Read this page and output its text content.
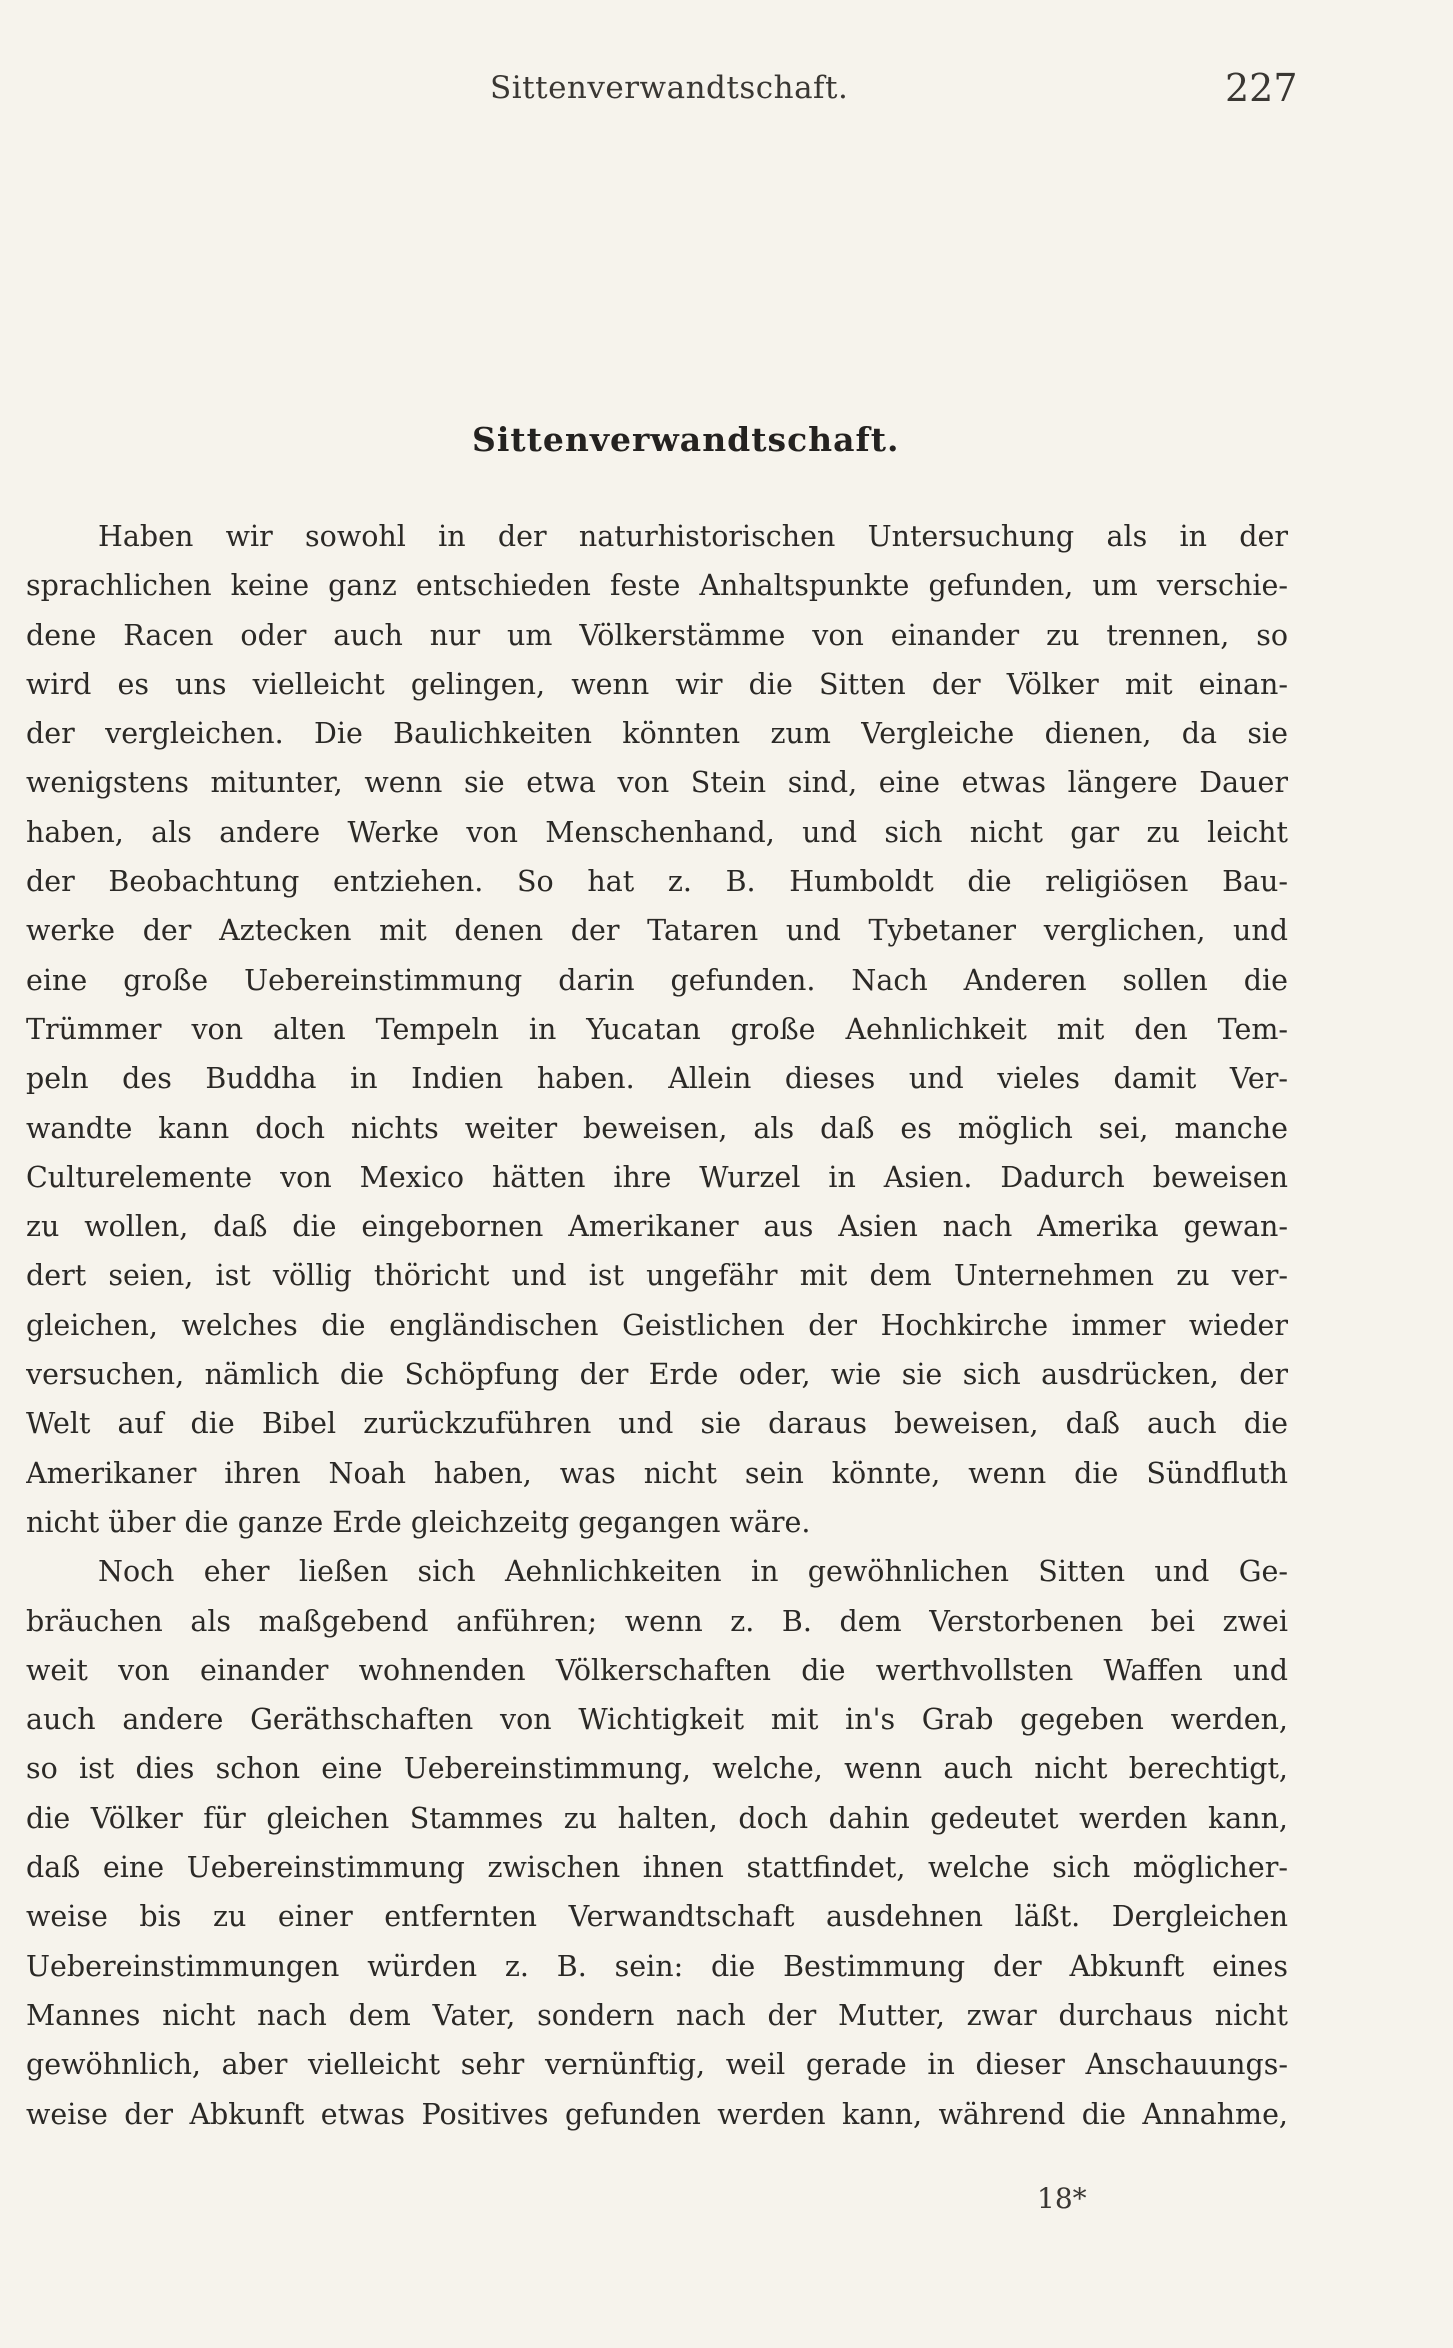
Sittenverwandtschaft.	227
Sittenverwandtschaft.
Haben wir sowohl in der naturhistorischen Untersuchung als in der
sprachlichen keine ganz entschieden feste Anhaltspunkte gefunden, um verschie-
dene Racen oder auch nur um Völkerstämme von einander zu trennen, so
wird es uns vielleicht gelingen, wenn wir die Sitten der Völker mit einan-
der vergleichen. Die Baulichkeiten könnten zum Vergleiche dienen, da sie
wenigstens mitunter, wenn sie etwa von Stein sind, eine etwas längere Dauer
haben, als andere Werke von Menschenhand, und sich nicht gar zu leicht
der Beobachtung entziehen. So hat z. B. Humboldt die religiösen Bau-
werke der Aztecken mit denen der Tataren und Tybetaner verglichen, und
eine große Uebereinstimmung darin gefunden. Nach Anderen sollen die
Trümmer von alten Tempeln in Yucatan große Aehnlichkeit mit den Tem-
peln des Buddha in Indien haben. Allein dieses und vieles damit Ver-
wandte kann doch nichts weiter beweisen, als daß es möglich sei, manche
Culturelemente von Mexico hätten ihre Wurzel in Asien. Dadurch beweisen
zu wollen, daß die eingebornen Amerikaner aus Asien nach Amerika gewan-
dert seien, ist völlig thöricht und ist ungefähr mit dem Unternehmen zu ver-
gleichen, welches die engländischen Geistlichen der Hochkirche immer wieder
versuchen, nämlich die Schöpfung der Erde oder, wie sie sich ausdrücken, der
Welt auf die Bibel zurückzuführen und sie daraus beweisen, daß auch die
Amerikaner ihren Noah haben, was nicht sein könnte, wenn die Sündfluth
nicht über die ganze Erde gleichzeitg gegangen wäre.
Noch eher ließen sich Aehnlichkeiten in gewöhnlichen Sitten und Ge-
bräuchen als maßgebend anführen; wenn z. B. dem Verstorbenen bei zwei
weit von einander wohnenden Völkerschaften die werthvollsten Waffen und
auch andere Geräthschaften von Wichtigkeit mit in's Grab gegeben werden,
so ist dies schon eine Uebereinstimmung, welche, wenn auch nicht berechtigt,
die Völker für gleichen Stammes zu halten, doch dahin gedeutet werden kann,
daß eine Uebereinstimmung zwischen ihnen stattfindet, welche sich möglicher-
weise bis zu einer entfernten Verwandtschaft ausdehnen läßt. Dergleichen
Uebereinstimmungen würden z. B. sein: die Bestimmung der Abkunft eines
Mannes nicht nach dem Vater, sondern nach der Mutter, zwar durchaus nicht
gewöhnlich, aber vielleicht sehr vernünftig, weil gerade in dieser Anschauungs-
weise der Abkunft etwas Positives gefunden werden kann, während die Annahme,
18*
